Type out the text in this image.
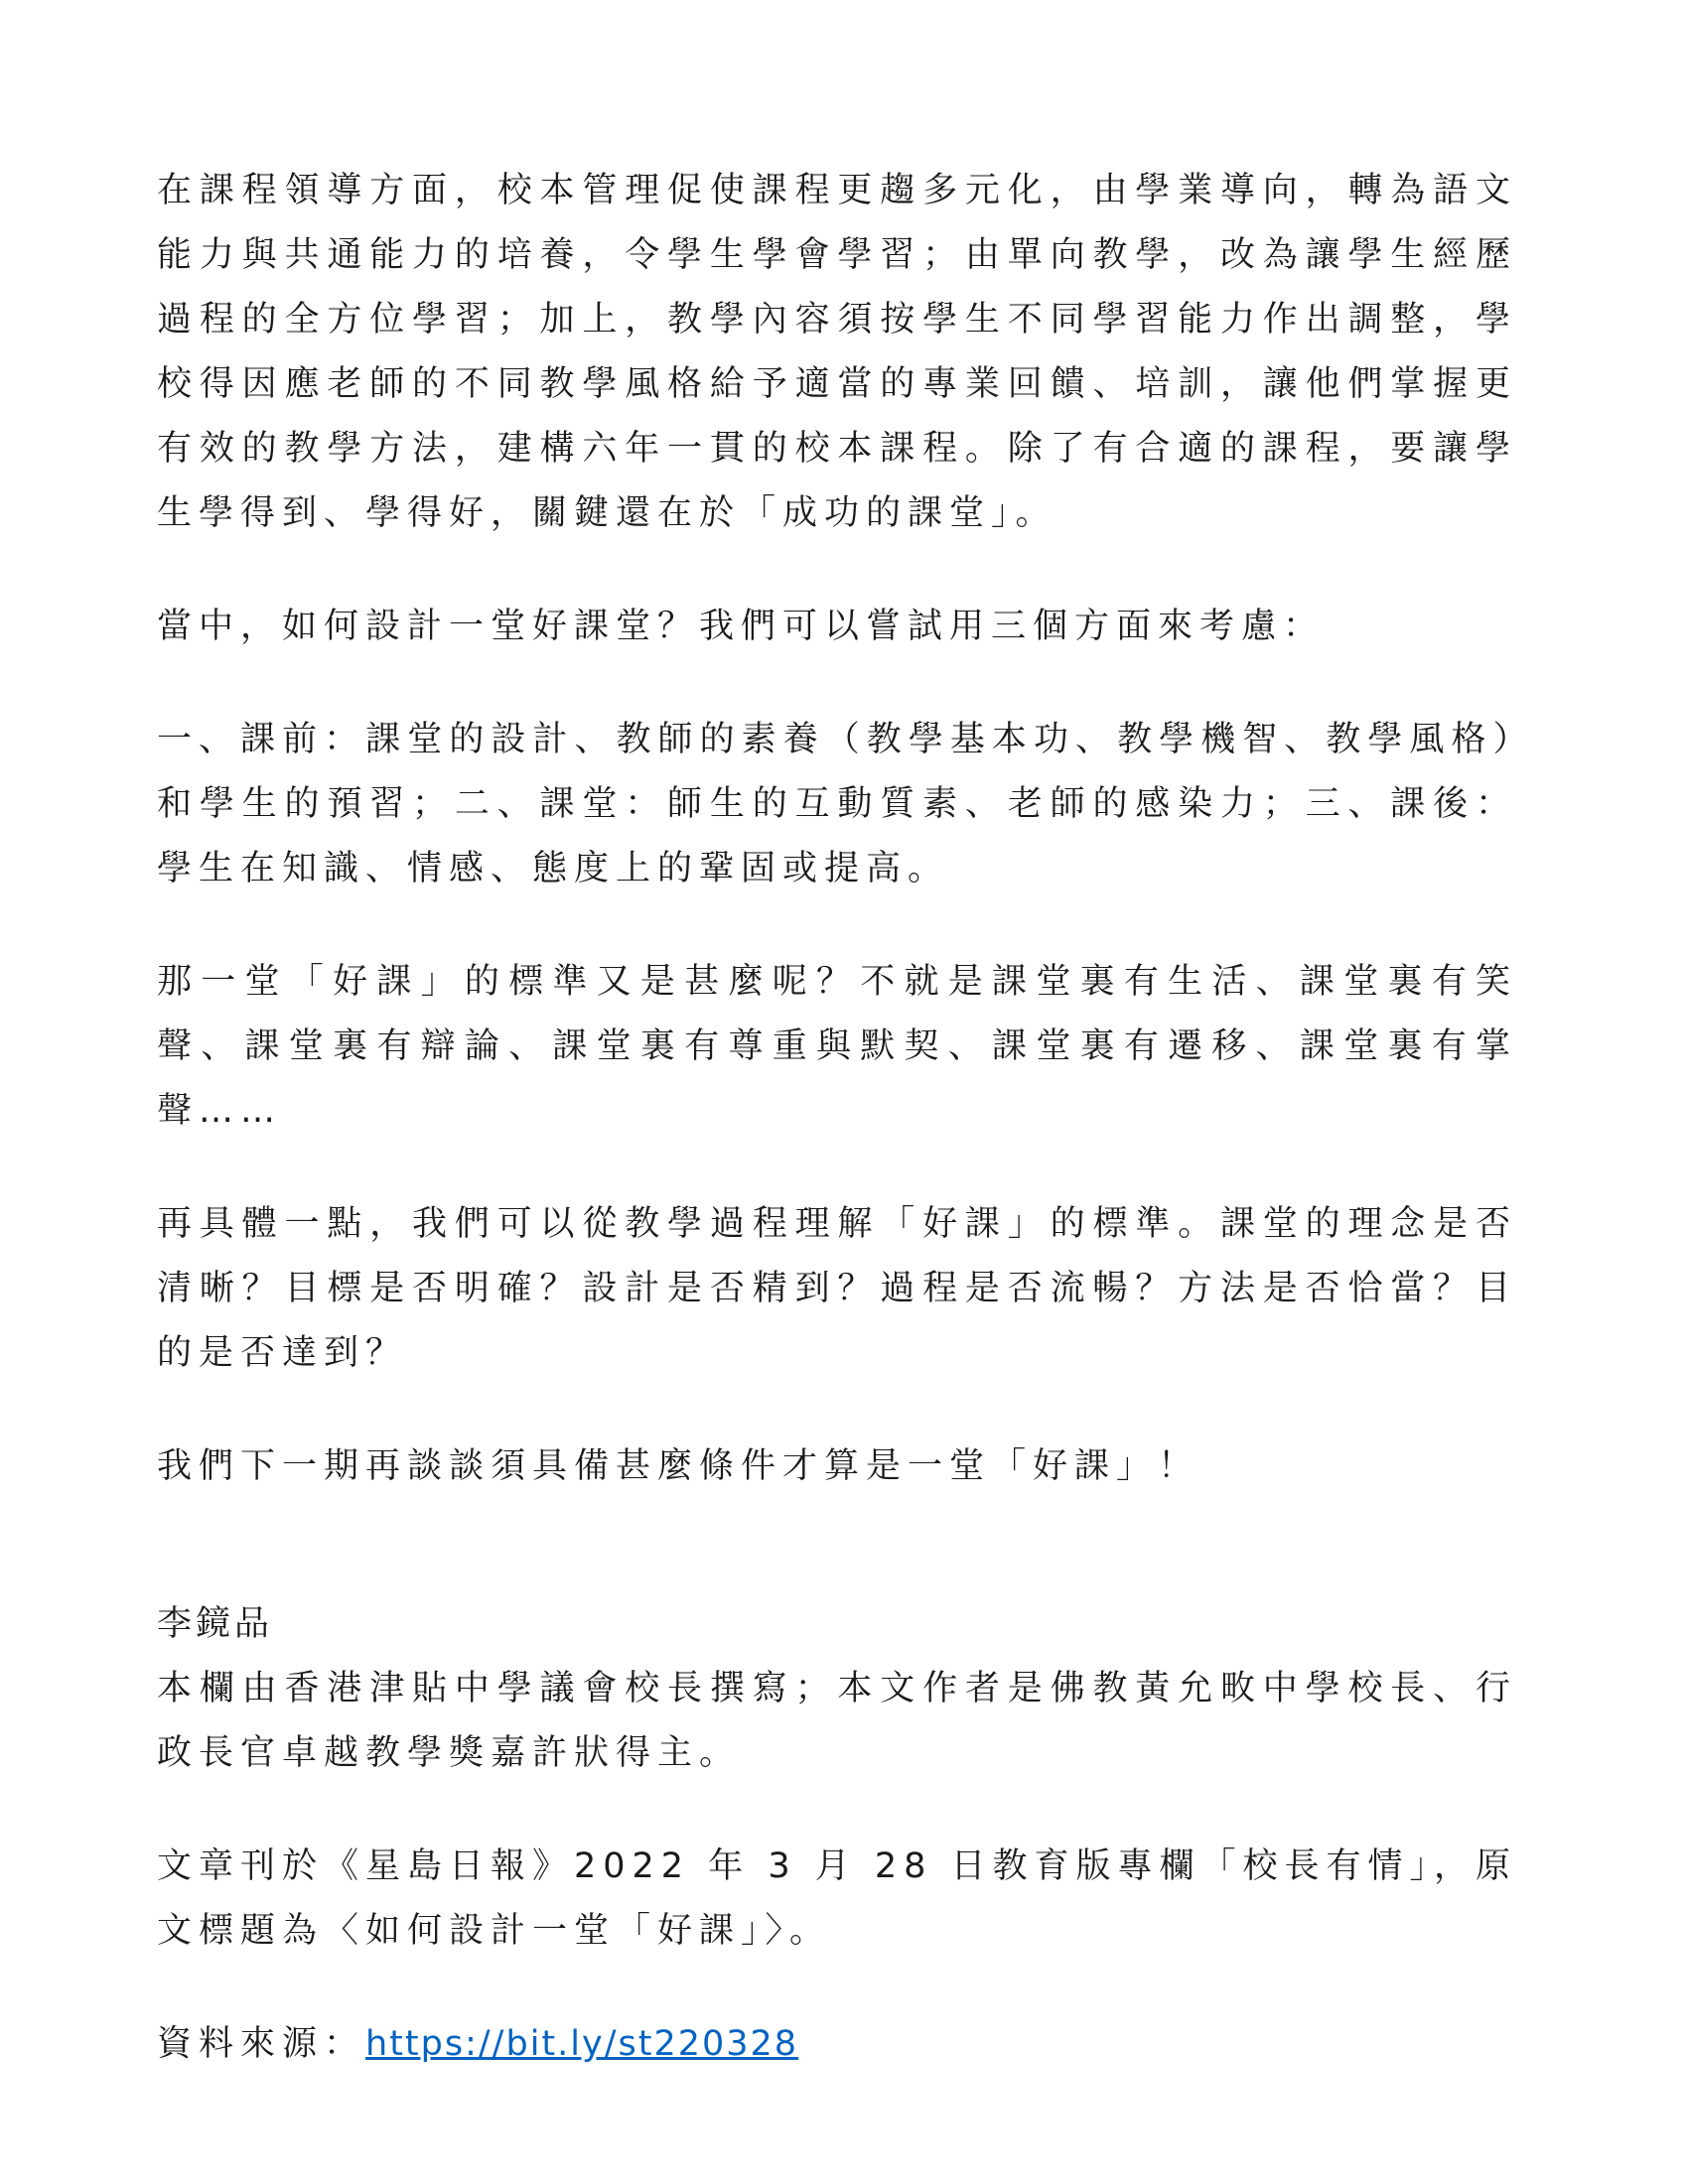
在課程領導方面，校本管理促使課程更趨多元化，由學業導向，轉為語文能力與共通能力的培養，令學生學會學習；由單向教學，改為讓學生經歷過程的全方位學習；加上，教學內容須按學生不同學習能力作出調整，學校得因應老師的不同教學風格給予適當的專業回饋、培訓，讓他們掌握更有效的教學方法，建構六年一貫的校本課程。除了有合適的課程，要讓學生學得到、學得好，關鍵還在於「成功的課堂」。

當中，如何設計一堂好課堂？我們可以嘗試用三個方面來考慮：

一、課前：課堂的設計、教師的素養（教學基本功、教學機智、教學風格）和學生的預習；二、課堂：師生的互動質素、老師的感染力；三、課後：學生在知識、情感、態度上的鞏固或提高。

那一堂「好課」的標準又是甚麼呢？不就是課堂裏有生活、課堂裏有笑聲、課堂裏有辯論、課堂裏有尊重與默契、課堂裏有遷移、課堂裏有掌聲……

再具體一點，我們可以從教學過程理解「好課」的標準。課堂的理念是否清晰？目標是否明確？設計是否精到？過程是否流暢？方法是否恰當？目的是否達到？

我們下一期再談談須具備甚麼條件才算是一堂「好課」！

李鏡品

本欄由香港津貼中學議會校長撰寫；本文作者是佛教黃允畋中學校長、行政長官卓越教學獎嘉許狀得主。

文章刊於《星島日報》2022 年 3 月 28 日教育版專欄「校長有情」，原文標題為〈如何設計一堂「好課」〉。

資料來源：https://bit.ly/st220328
